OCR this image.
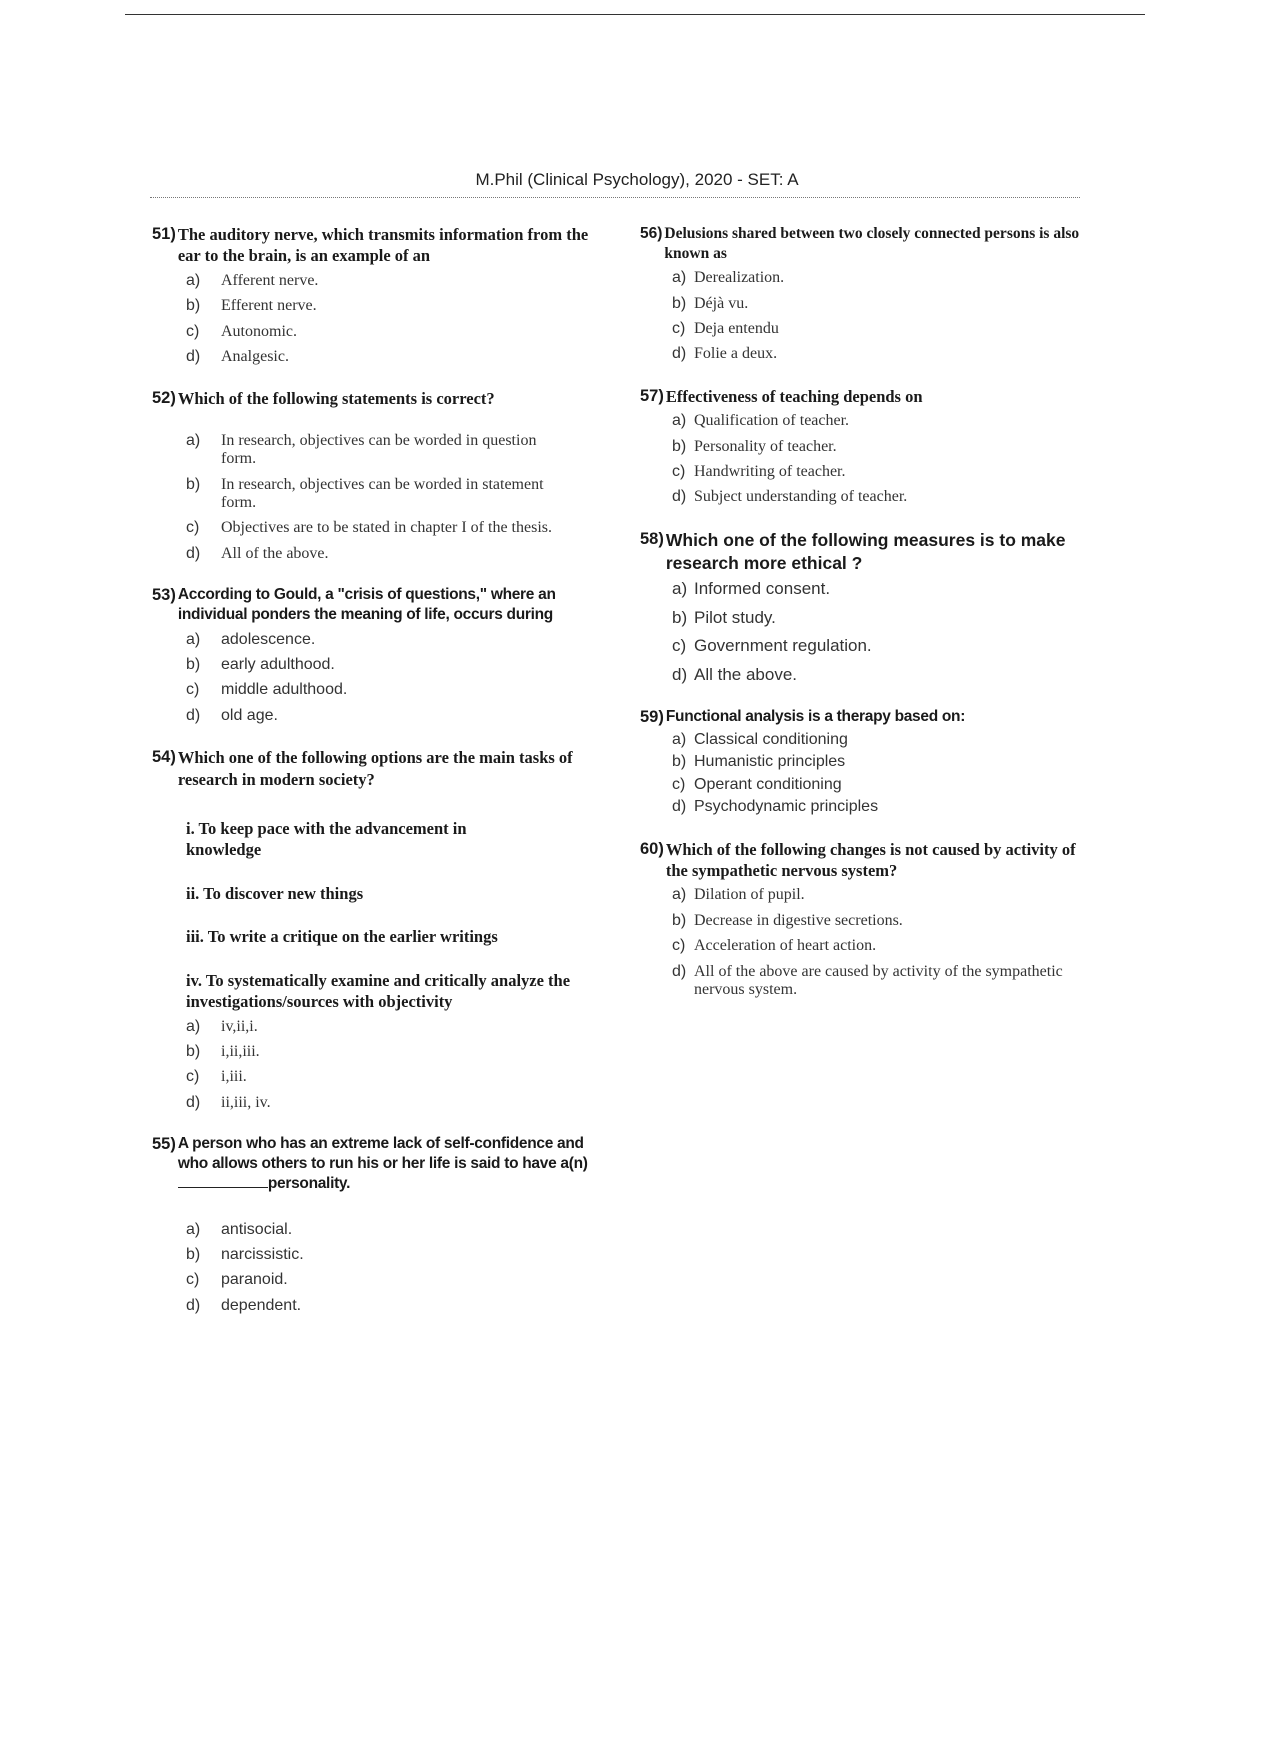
M.Phil (Clinical Psychology), 2020 - SET: A
51) The auditory nerve, which transmits information from the ear to the brain, is an example of an
a)	Afferent nerve.
b)	Efferent nerve.
c)	Autonomic.
d)	Analgesic.
52) Which of the following statements is correct?
a)	In research, objectives can be worded in question form.
b)	In research, objectives can be worded in statement form.
c)	Objectives are to be stated in chapter I of the thesis.
d)	All of the above.
53) According to Gould, a "crisis of questions," where an individual ponders the meaning of life, occurs during
a)	adolescence.
b)	early adulthood.
c)	middle adulthood.
d)	old age.
54) Which one of the following options are the main tasks of research in modern society?
i. To keep pace with the advancement in knowledge
ii. To discover new things
iii. To write a critique on the earlier writings
iv. To systematically examine and critically analyze the investigations/sources with objectivity
a)	iv,ii,i.
b)	i,ii,iii.
c)	i,iii.
d)	ii,iii, iv.
55) A person who has an extreme lack of self-confidence and who allows others to run his or her life is said to have a(n)personality.
a)	antisocial.
b)	narcissistic.
c)	paranoid.
d)	dependent.
56) Delusions shared between two closely connected persons is also known as
a) Derealization.
b) Déjà vu.
c) Deja entendu
d) Folie a deux.
57) Effectiveness of teaching depends on
a) Qualification of teacher.
b) Personality of teacher.
c) Handwriting of teacher.
d) Subject understanding of teacher.
58) Which one of the following measures is to make research more ethical ?
a) Informed consent.
b) Pilot study.
c) Government regulation.
d) All the above.
59) Functional analysis is a therapy based on:
a) Classical conditioning
b) Humanistic principles
c) Operant conditioning
d) Psychodynamic principles
60) Which of the following changes is not caused by activity of the sympathetic nervous system?
a) Dilation of pupil.
b) Decrease in digestive secretions.
c) Acceleration of heart action.
d) All of the above are caused by activity of the sympathetic nervous system.
